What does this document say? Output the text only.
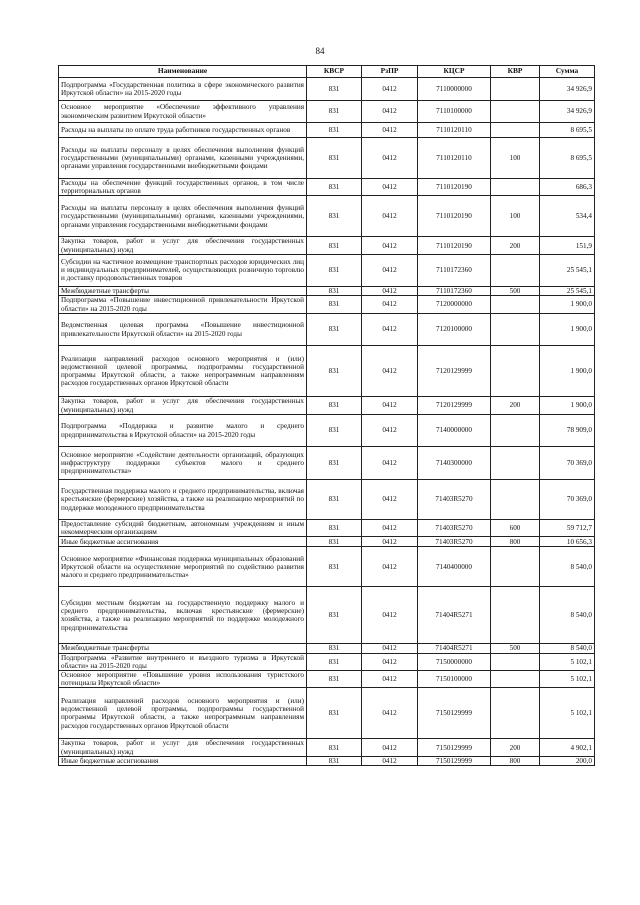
84
Наименование	КВСР	РзПР	КЦСР	КВР	Сумма
Подпрограмма «Государственная политика в сфере экономического развития Иркутской области» на 2015-2020 годы	831	0412	7110000000		34 926,9
Основное мероприятие «Обеспечение эффективного управления экономическим развитием Иркутской области»	831	0412	7110100000		34 926,9
Расходы на выплаты по оплате труда работников государственных органов	831	0412	7110120110		8 695,5
Расходы на выплаты персоналу в целях обеспечения выполнения функций государственными (муниципальными) органами, казенными учреждениями, органами управления государственными внебюджетными фондами	831	0412	7110120110	100	8 695,5
Расходы на обеспечение функций государственных органов, в том числе территориальных органов	831	0412	7110120190		686,3
Расходы на выплаты персоналу в целях обеспечения выполнения функций государственными (муниципальными) органами, казенными учреждениями, органами управления государственными внебюджетными фондами	831	0412	7110120190	100	534,4
Закупка товаров, работ и услуг для обеспечения государственных (муниципальных) нужд	831	0412	7110120190	200	151,9
Субсидии на частичное возмещение транспортных расходов юридических лиц и индивидуальных предпринимателей, осуществляющих розничную торговлю и доставку продовольственных товаров	831	0412	7110172360		25 545,1
Межбюджетные трансферты	831	0412	7110172360	500	25 545,1
Подпрограмма «Повышение инвестиционной привлекательности Иркутской области» на 2015-2020 годы	831	0412	7120000000		1 900,0
Ведомственная целевая программа «Повышение инвестиционной привлекательности Иркутской области» на 2015-2020 годы	831	0412	7120100000		1 900,0
Реализация направлений расходов основного мероприятия и (или) ведомственной целевой программы, подпрограммы государственной программы Иркутской области, а также непрограммным направлениям расходов государственных органов Иркутской области	831	0412	7120129999		1 900,0
Закупка товаров, работ и услуг для обеспечения государственных (муниципальных) нужд	831	0412	7120129999	200	1 900,0
Подпрограмма «Поддержка и развитие малого и среднего предпринимательства в Иркутской области» на 2015-2020 годы	831	0412	7140000000		78 909,0
Основное мероприятие «Содействие деятельности организаций, образующих инфраструктуру поддержки субъектов малого и среднего предпринимательства»	831	0412	7140300000		70 369,0
Государственная поддержка малого и среднего предпринимательства, включая крестьянские (фермерские) хозяйства, а также на реализацию мероприятий по поддержке молодежного предпринимательства	831	0412	71403R5270		70 369,0
Предоставление субсидий бюджетным, автономным учреждениям и иным некоммерческим организациям	831	0412	71403R5270	600	59 712,7
Иные бюджетные ассигнования	831	0412	71403R5270	800	10 656,3
Основное мероприятие «Финансовая поддержка муниципальных образований Иркутской области на осуществление мероприятий по содействию развития малого и среднего предпринимательства»	831	0412	7140400000		8 540,0
Субсидии местным бюджетам на государственную поддержку малого и среднего предпринимательства, включая крестьянские (фермерские) хозяйства, а также на реализацию мероприятий по поддержке молодежного предпринимательства	831	0412	71404R5271		8 540,0
Межбюджетные трансферты	831	0412	71404R5271	500	8 540,0
Подпрограмма «Развитие внутреннего и въездного туризма в Иркутской области» на 2015-2020 годы	831	0412	7150000000		5 102,1
Основное мероприятие «Повышение уровня использования туристского потенциала Иркутской области»	831	0412	7150100000		5 102,1
Реализация направлений расходов основного мероприятия и (или) ведомственной целевой программы, подпрограммы государственной программы Иркутской области, а также непрограммным направлениям расходов государственных органов Иркутской области	831	0412	7150129999		5 102,1
Закупка товаров, работ и услуг для обеспечения государственных (муниципальных) нужд	831	0412	7150129999	200	4 902,1
Иные бюджетные ассигнования	831	0412	7150129999	800	200,0
